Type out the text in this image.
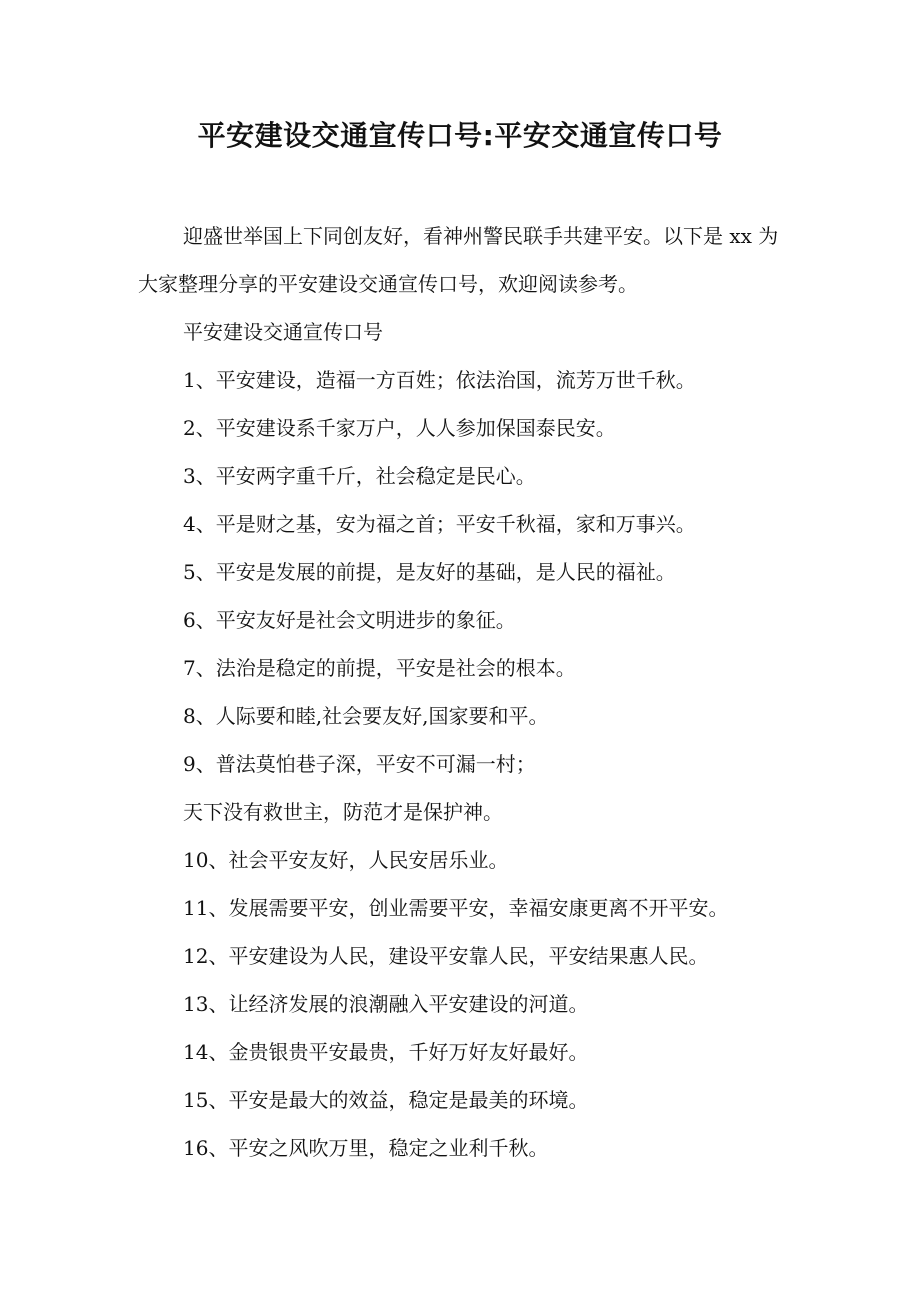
平安建设交通宣传口号:平安交通宣传口号

迎盛世举国上下同创友好，看神州警民联手共建平安。以下是 xx 为大家整理分享的平安建设交通宣传口号，欢迎阅读参考。

平安建设交通宣传口号

1、平安建设，造福一方百姓；依法治国，流芳万世千秋。

2、平安建设系千家万户，人人参加保国泰民安。

3、平安两字重千斤，社会稳定是民心。

4、平是财之基，安为福之首；平安千秋福，家和万事兴。

5、平安是发展的前提，是友好的基础，是人民的福祉。

6、平安友好是社会文明进步的象征。

7、法治是稳定的前提，平安是社会的根本。

8、人际要和睦,社会要友好,国家要和平。

9、普法莫怕巷子深，平安不可漏一村；

天下没有救世主，防范才是保护神。

10、社会平安友好，人民安居乐业。

11、发展需要平安，创业需要平安，幸福安康更离不开平安。

12、平安建设为人民，建设平安靠人民，平安结果惠人民。

13、让经济发展的浪潮融入平安建设的河道。

14、金贵银贵平安最贵，千好万好友好最好。

15、平安是最大的效益，稳定是最美的环境。

16、平安之风吹万里，稳定之业利千秋。
